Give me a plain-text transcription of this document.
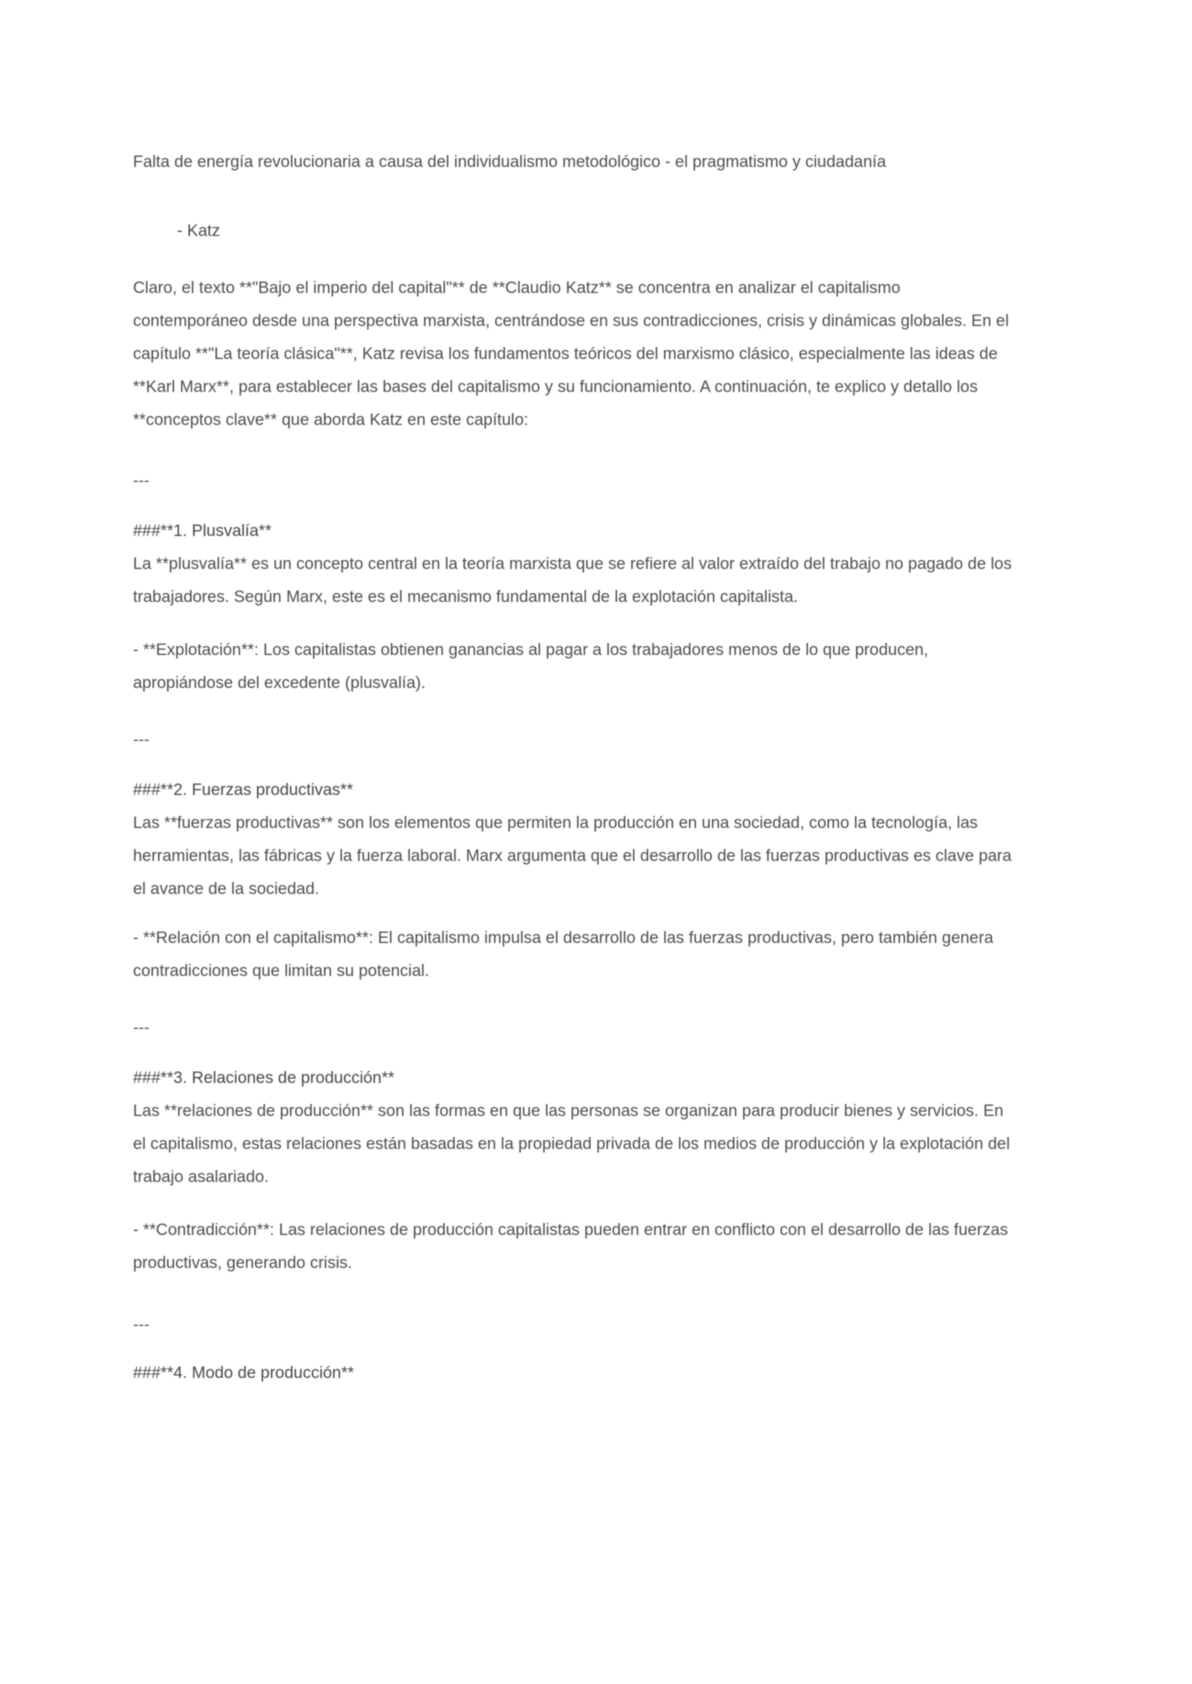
Falta de energía revolucionaria a causa del individualismo metodológico - el pragmatismo y ciudadanía
- Katz
Claro, el texto **"Bajo el imperio del capital"** de **Claudio Katz** se concentra en analizar el capitalismo contemporáneo desde una perspectiva marxista, centrándose en sus contradicciones, crisis y dinámicas globales. En el capítulo **"La teoría clásica"**, Katz revisa los fundamentos teóricos del marxismo clásico, especialmente las ideas de **Karl Marx**, para establecer las bases del capitalismo y su funcionamiento. A continuación, te explico y detallo los **conceptos clave** que aborda Katz en este capítulo:
---
###**1. Plusvalía**
La **plusvalía** es un concepto central en la teoría marxista que se refiere al valor extraído del trabajo no pagado de los trabajadores. Según Marx, este es el mecanismo fundamental de la explotación capitalista.
- **Explotación**: Los capitalistas obtienen ganancias al pagar a los trabajadores menos de lo que producen, apropiándose del excedente (plusvalía).
---
###**2. Fuerzas productivas**
Las **fuerzas productivas** son los elementos que permiten la producción en una sociedad, como la tecnología, las herramientas, las fábricas y la fuerza laboral. Marx argumenta que el desarrollo de las fuerzas productivas es clave para el avance de la sociedad.
- **Relación con el capitalismo**: El capitalismo impulsa el desarrollo de las fuerzas productivas, pero también genera contradicciones que limitan su potencial.
---
###**3. Relaciones de producción**
Las **relaciones de producción** son las formas en que las personas se organizan para producir bienes y servicios. En el capitalismo, estas relaciones están basadas en la propiedad privada de los medios de producción y la explotación del trabajo asalariado.
- **Contradicción**: Las relaciones de producción capitalistas pueden entrar en conflicto con el desarrollo de las fuerzas productivas, generando crisis.
---
###**4. Modo de producción**
